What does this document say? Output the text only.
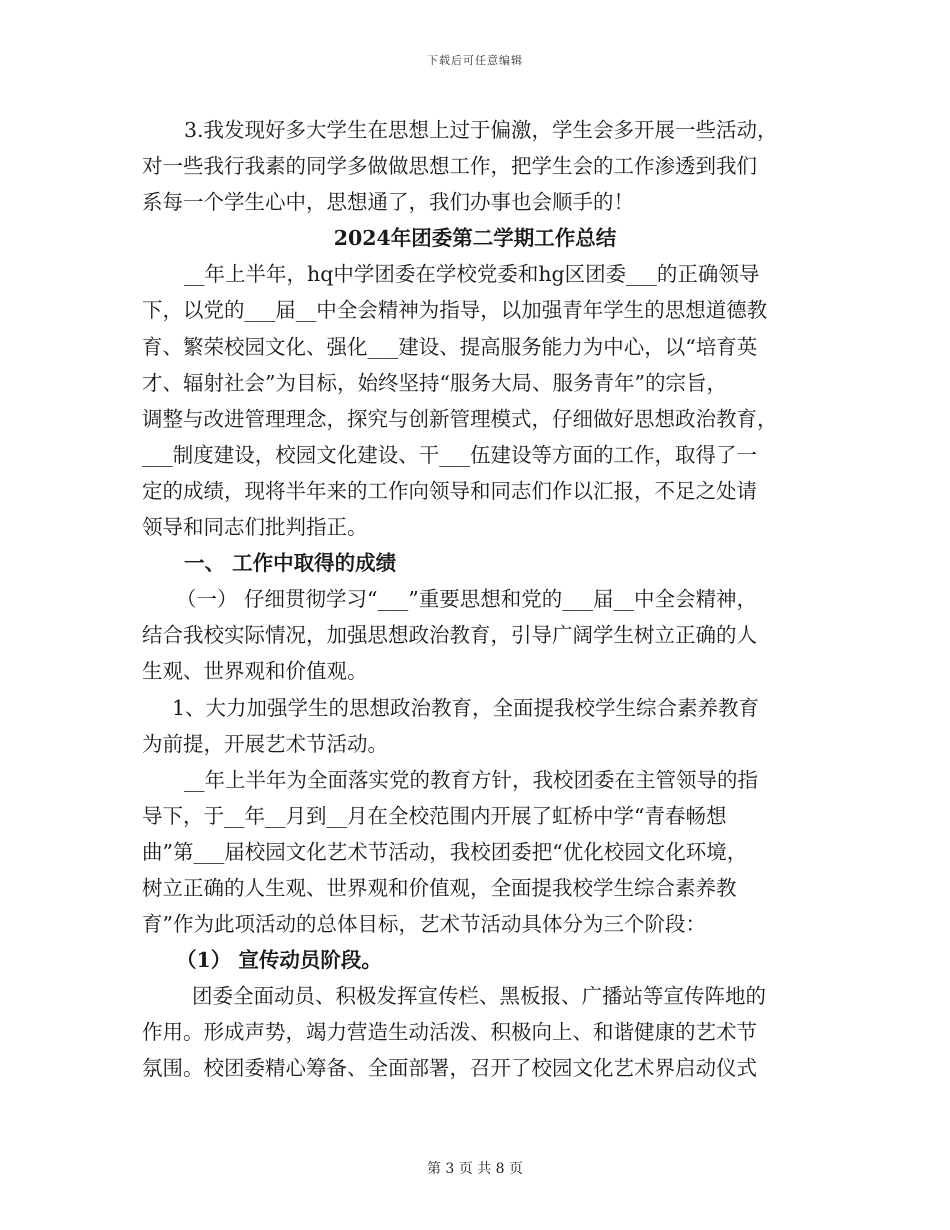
下载后可任意编辑
3.我发现好多大学生在思想上过于偏激，学生会多开展一些活动，
对一些我行我素的同学多做做思想工作，把学生会的工作渗透到我们
系每一个学生心中，思想通了，我们办事也会顺手的！
2024年团委第二学期工作总结
__年上半年，hq中学团委在学校党委和hg区团委___的正确领导
下，以党的___届__中全会精神为指导，以加强青年学生的思想道德教
育、繁荣校园文化、强化___建设、提高服务能力为中心，以“培育英
才、辐射社会”为目标，始终坚持“服务大局、服务青年”的宗旨，
调整与改进管理理念，探究与创新管理模式，仔细做好思想政治教育，
___制度建设，校园文化建设、干___伍建设等方面的工作，取得了一
定的成绩，现将半年来的工作向领导和同志们作以汇报，不足之处请
领导和同志们批判指正。
一、 工作中取得的成绩
（一） 仔细贯彻学习“___”重要思想和党的___届__中全会精神，
结合我校实际情况，加强思想政治教育，引导广阔学生树立正确的人
生观、世界观和价值观。
1、大力加强学生的思想政治教育，全面提我校学生综合素养教育
为前提，开展艺术节活动。
__年上半年为全面落实党的教育方针，我校团委在主管领导的指
导下，于__年__月到__月在全校范围内开展了虹桥中学“青春畅想
曲”第___届校园文化艺术节活动，我校团委把“优化校园文化环境，
树立正确的人生观、世界观和价值观，全面提我校学生综合素养教
育”作为此项活动的总体目标，艺术节活动具体分为三个阶段：
（1） 宣传动员阶段。
团委全面动员、积极发挥宣传栏、黑板报、广播站等宣传阵地的
作用。形成声势，竭力营造生动活泼、积极向上、和谐健康的艺术节
氛围。校团委精心筹备、全面部署，召开了校园文化艺术界启动仪式
第 3 页 共 8 页
